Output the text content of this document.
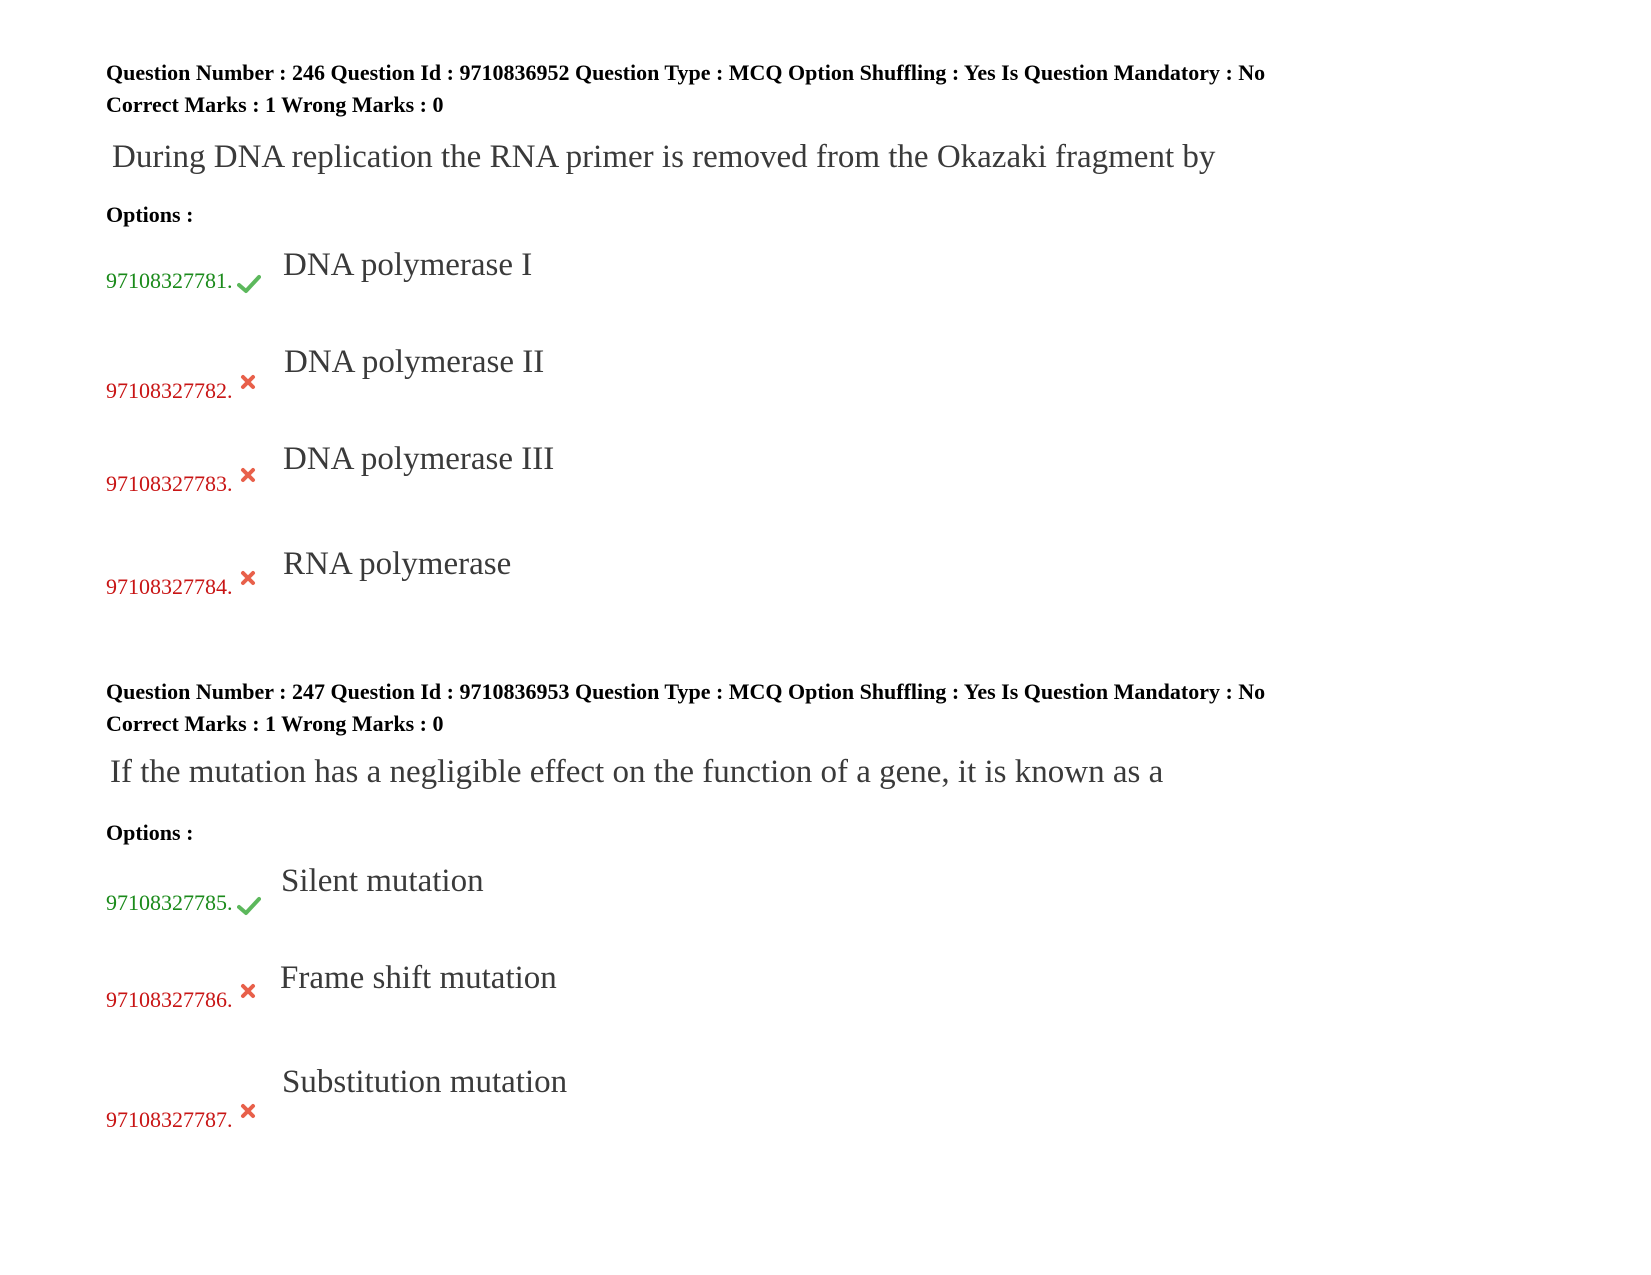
Question Number : 246 Question Id : 9710836952 Question Type : MCQ Option Shuffling : Yes Is Question Mandatory : No
Correct Marks : 1 Wrong Marks : 0
During DNA replication the RNA primer is removed from the Okazaki fragment by
Options :
97108327781.	DNA polymerase I
97108327782.
DNA polymerase II
97108327783.
DNA polymerase III
97108327784.
RNA polymerase
Question Number : 247 Question Id : 9710836953 Question Type : MCQ Option Shuffling : Yes Is Question Mandatory : No
Correct Marks : 1 Wrong Marks : 0
If the mutation has a negligible effect on the function of a gene, it is known as a
Options :
97108327785.
Silent mutation
97108327786.
Frame shift mutation
97108327787.
Substitution mutation
